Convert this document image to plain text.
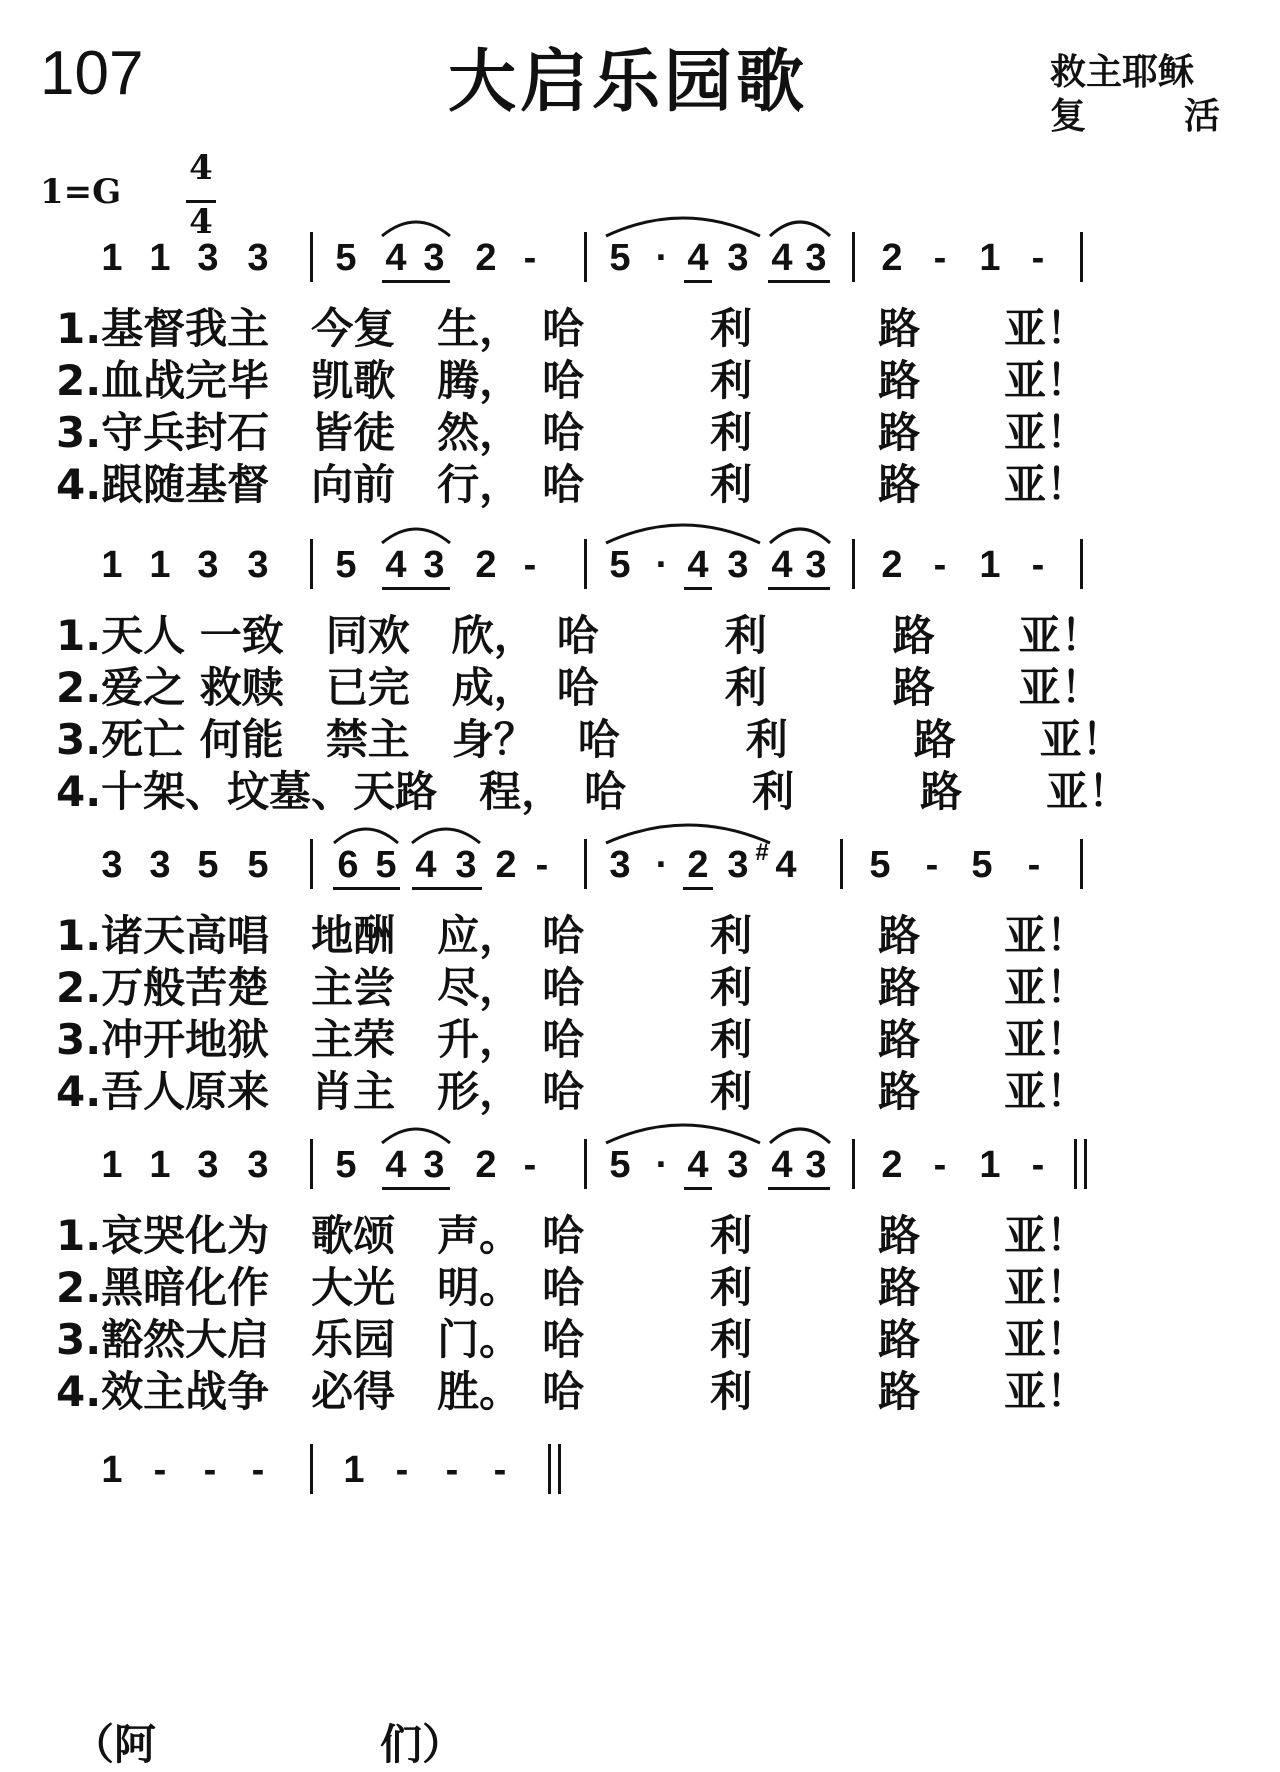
107	大启乐园歌	救主耶稣
复	活
1=G
4
4
1 1 3 3 5 4 3 2 - 5 · 4 3 4 3 2 - 1 -
1.基督我主　今复　生，　哈　　　利　　　路　　亚！
2.血战完毕　凯歌　腾，　哈　　　利　　　路　　亚！
3.守兵封石　皆徒　然，　哈　　　利　　　路　　亚！
4.跟随基督　向前　行，　哈　　　利　　　路　　亚！
1 1 3 3 5 4 3 2 - 5 · 4 3 4 3 2 - 1 -
1.天人 一致　同欢　欣，　哈　　　利　　　路　　亚！
2.爱之 救赎　已完　成，　哈　　　利　　　路　　亚！
3.死亡 何能　禁主　身？　哈　　　利　　　路　　亚！
4.十架、坟墓、天路　程，　哈　　　利　　　路　　亚！
3 3 5 5 6 5 4 3 2 - 3 · 2 3 # 4 5 - 5 -
1.诸天高唱　地酬　应，　哈　　　利　　　路　　亚！
2.万般苦楚　主尝　尽，　哈　　　利　　　路　　亚！
3.冲开地狱　主荣　升，　哈　　　利　　　路　　亚！
4.吾人原来　肖主　形，　哈　　　利　　　路　　亚！
1 1 3 3 5 4 3 2 - 5 · 4 3 4 3 2 - 1 -
1.哀哭化为　歌颂　声。　哈　　　利　　　路　　亚！
2.黑暗化作　大光　明。　哈　　　利　　　路　　亚！
3.豁然大启　乐园　门。　哈　　　利　　　路　　亚！
4.效主战争　必得　胜。　哈　　　利　　　路　　亚！
1 - - - 1 - - -
（阿	们）
